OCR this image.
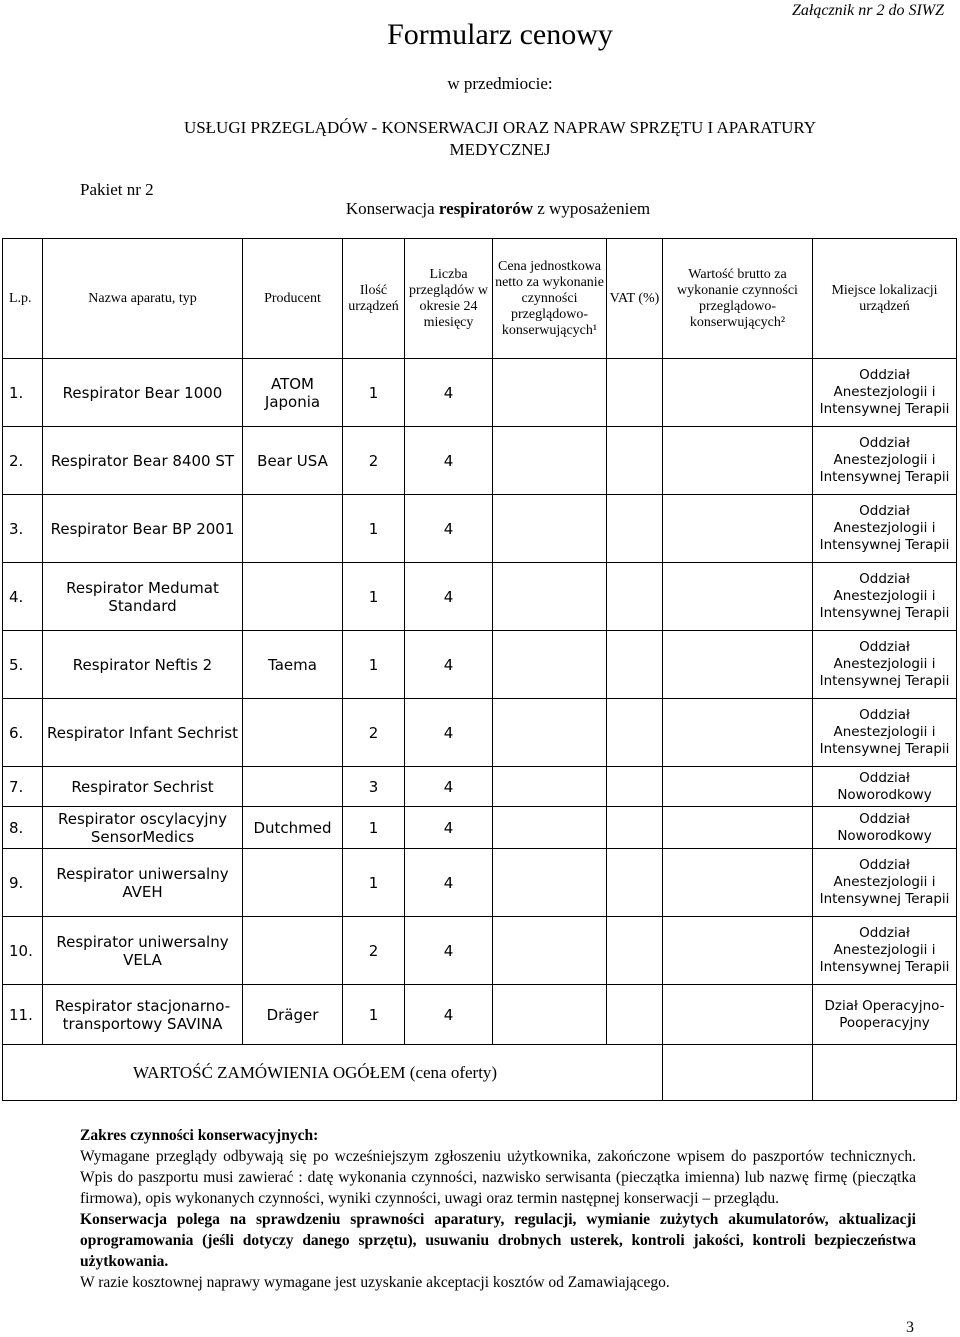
Załącznik nr 2 do SIWZ
Formularz cenowy
w przedmiocie:
USŁUGI PRZEGLĄDÓW - KONSERWACJI ORAZ NAPRAW SPRZĘTU I APARATURY
MEDYCZNEJ
Pakiet nr 2
Konserwacja respiratorów z wyposażeniem
L.p.	Nazwa aparatu, typ	Producent	Ilość urządzeń	Liczba przeglądów w okresie 24 miesięcy	Cena jednostkowa netto za wykonanie czynności przeglądowo-konserwujących¹	VAT (%)	Wartość brutto za wykonanie czynności przeglądowo-konserwujących²	Miejsce lokalizacji urządzeń
1.	Respirator Bear 1000	ATOM Japonia	1	4				Oddział Anestezjologii i Intensywnej Terapii
2.	Respirator Bear 8400 ST	Bear USA	2	4				Oddział Anestezjologii i Intensywnej Terapii
3.	Respirator Bear BP 2001		1	4				Oddział Anestezjologii i Intensywnej Terapii
4.	Respirator Medumat Standard		1	4				Oddział Anestezjologii i Intensywnej Terapii
5.	Respirator Neftis 2	Taema	1	4				Oddział Anestezjologii i Intensywnej Terapii
6.	Respirator Infant Sechrist		2	4				Oddział Anestezjologii i Intensywnej Terapii
7.	Respirator Sechrist		3	4				Oddział Noworodkowy
8.	Respirator oscylacyjny SensorMedics	Dutchmed	1	4				Oddział Noworodkowy
9.	Respirator uniwersalny AVEH		1	4				Oddział Anestezjologii i Intensywnej Terapii
10.	Respirator uniwersalny VELA		2	4				Oddział Anestezjologii i Intensywnej Terapii
11.	Respirator stacjonarno-transportowy SAVINA	Dräger	1	4				Dział Operacyjno-Pooperacyjny
WARTOŚĆ ZAMÓWIENIA OGÓŁEM (cena oferty)								
Zakres czynności konserwacyjnych:
Wymagane przeglądy odbywają się po wcześniejszym zgłoszeniu użytkownika, zakończone wpisem do paszportów technicznych. Wpis do paszportu musi zawierać : datę wykonania czynności, nazwisko serwisanta (pieczątka imienna) lub nazwę firmę (pieczątka firmowa), opis wykonanych czynności, wyniki czynności, uwagi oraz termin następnej konserwacji – przeglądu.
Konserwacja polega na sprawdzeniu sprawności aparatury, regulacji, wymianie zużytych akumulatorów, aktualizacji oprogramowania (jeśli dotyczy danego sprzętu), usuwaniu drobnych usterek, kontroli jakości, kontroli bezpieczeństwa użytkowania.
W razie kosztownej naprawy wymagane jest uzyskanie akceptacji kosztów od Zamawiającego.
3
